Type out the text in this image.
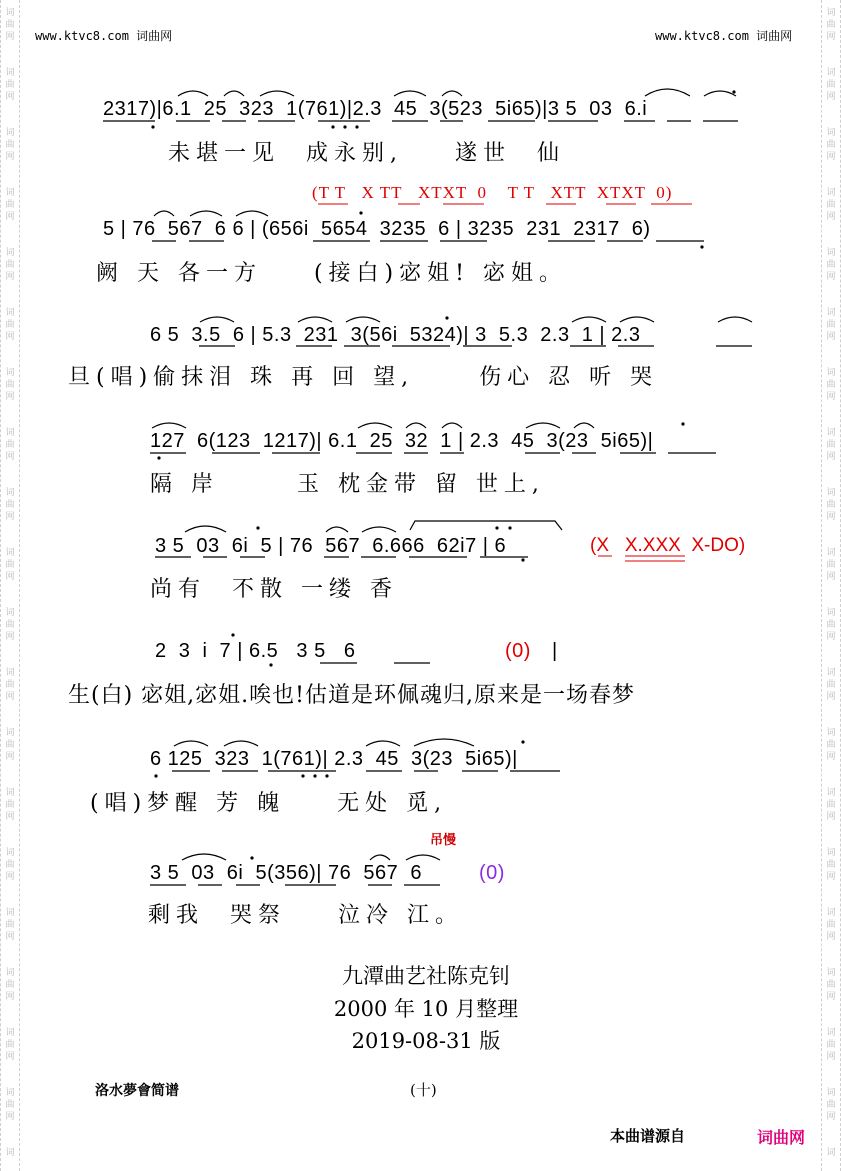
词
曲
网
词
曲
网
词
曲
网
词
曲
网
词
曲
网
词
曲
网
词
曲
网
词
曲
网
词
曲
网
词
曲
网
词
曲
网
词
曲
网
词
曲
网
词
曲
网
词
曲
网
词
曲
网
词
曲
网
词
曲
网
词
曲
网
词
词
曲
网
词
曲
网
词
曲
网
词
曲
网
词
曲
网
词
曲
网
词
曲
网
词
曲
网
词
曲
网
词
曲
网
词
曲
网
词
曲
网
词
曲
网
词
曲
网
词
曲
网
词
曲
网
词
曲
网
词
曲
网
词
曲
网
词
www.ktvc8.com 词曲网	www.ktvc8.com 词曲网
2317)|6.1  25  323  1(761)|2.3  45  3(523  5i65)|3 5  03  6.i
未堪一见  成永别,    遂世  仙
(T T   X TT   XTXT  0    T T   XTT  XTXT  0)
5 | 76  567  6 6 | (656i  5654  3235  6 | 3235  231  2317  6)
阙 天 各一方    (接白)宓姐! 宓姐。
6 5  3.5  6 | 5.3  231  3(56i  5324)| 3  5.3  2.3  1 | 2.3
旦(唱)偷抹泪 珠 再 回 望,     伤心 忍 听 哭
127  6(123  1217)| 6.1  25  32  1 | 2.3  45  3(23  5i65)|
隔 岸      玉 枕金带 留 世上,
3 5  03  6i  5 | 76  567  6.666  62i7 | 6	(X   X.XXX  X-DO)
尚有  不散 一缕 香
2  3  i  7 | 6.5   3 5   6	(0) |
生(白) 宓姐,宓姐.唉也!估道是环佩魂归,原来是一场春梦
6 125  323  1(761)| 2.3  45  3(23  5i65)|
(唱)梦醒 芳 魄    无处 觅,
吊慢
3 5  03  6i  5(356)| 76  567  6	(0)
剩我  哭祭    泣冷 江。
九潭曲艺社陈克钊
2000 年 10 月整理
2019-08-31 版
洛水夢會简谱	(十)
本曲谱源自	词曲网
